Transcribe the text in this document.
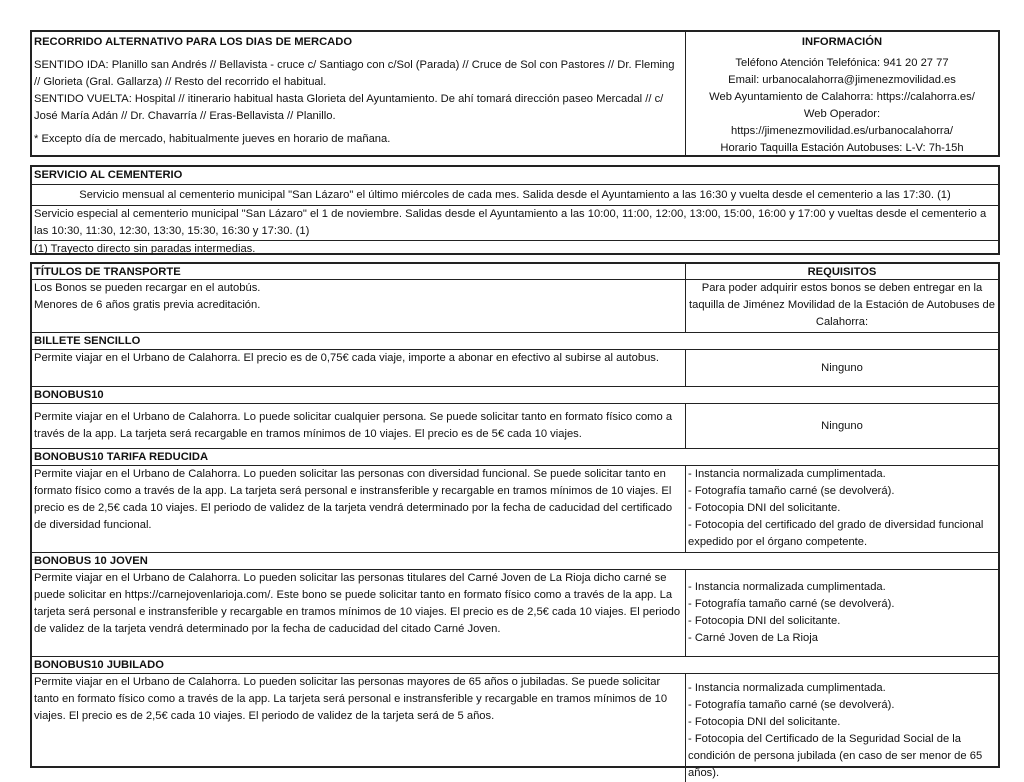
RECORRIDO ALTERNATIVO PARA LOS DIAS DE MERCADO

SENTIDO IDA: Planillo san Andrés // Bellavista - cruce c/ Santiago con c/Sol (Parada) // Cruce de Sol con Pastores // Dr. Fleming // Glorieta (Gral. Gallarza) // Resto del recorrido el habitual.

SENTIDO VUELTA: Hospital // itinerario habitual hasta Glorieta del Ayuntamiento. De ahí tomará dirección paseo Mercadal // c/ José María Adán // Dr. Chavarría // Eras-Bellavista // Planillo.

* Excepto día de mercado, habitualmente jueves en horario de mañana.

INFORMACIÓN

Teléfono Atención Telefónica: 941 20 27 77

Email: urbanocalahorra@jimenezmovilidad.es

Web Ayuntamiento de Calahorra: https://calahorra.es/

Web Operador:

https://jimenezmovilidad.es/urbanocalahorra/

Horario Taquilla Estación Autobuses: L-V: 7h-15h

SERVICIO AL CEMENTERIO
Servicio mensual al cementerio municipal "San Lázaro" el último miércoles de cada mes. Salida desde el Ayuntamiento a las 16:30 y vuelta desde el cementerio a las 17:30. (1)
Servicio especial al cementerio municipal "San Lázaro" el 1 de noviembre. Salidas desde el Ayuntamiento a las 10:00, 11:00, 12:00, 13:00, 15:00, 16:00 y 17:00 y vueltas desde el cementerio a las 10:30, 11:30, 12:30, 13:30, 15:30, 16:30 y 17:30. (1)
(1) Trayecto directo sin paradas intermedias.
TÍTULOS DE TRANSPORTE	REQUISITOS

Los Bonos se pueden recargar en el autobús.

Menores de 6 años gratis previa acreditación.

Para poder adquirir estos bonos se deben entregar en la taquilla de Jiménez Movilidad de la Estación de Autobuses de Calahorra:
BILLETE SENCILLO
Permite viajar en el Urbano de Calahorra. El precio es de 0,75€ cada viaje, importe a abonar en efectivo al subirse al autobus.
Ninguno
BONOBUS10
Permite viajar en el Urbano de Calahorra. Lo puede solicitar cualquier persona. Se puede solicitar tanto en formato físico como a través de la app. La tarjeta será recargable en tramos mínimos de 10 viajes. El precio es de 5€ cada 10 viajes.
Ninguno
BONOBUS10 TARIFA REDUCIDA
Permite viajar en el Urbano de Calahorra. Lo pueden solicitar las personas con diversidad funcional. Se puede solicitar tanto en formato físico como a través de la app. La tarjeta será personal e instransferible y recargable en tramos mínimos de 10 viajes. El precio es de 2,5€ cada 10 viajes. El periodo de validez de la tarjeta vendrá determinado por la fecha de caducidad del certificado de diversidad funcional.

- Instancia normalizada cumplimentada.

- Fotografía tamaño carné (se devolverá).

- Fotocopia DNI del solicitante.

- Fotocopia del certificado del grado de diversidad funcional expedido por el órgano competente.

BONOBUS 10 JOVEN
Permite viajar en el Urbano de Calahorra. Lo pueden solicitar las personas titulares del Carné Joven de La Rioja dicho carné se puede solicitar en https://carnejovenlarioja.com/. Este bono se puede solicitar tanto en formato físico como a través de la app. La tarjeta será personal e instransferible y recargable en tramos mínimos de 10 viajes. El precio es de 2,5€ cada 10 viajes. El periodo de validez de la tarjeta vendrá determinado por la fecha de caducidad del citado Carné Joven.

- Instancia normalizada cumplimentada.

- Fotografía tamaño carné (se devolverá).

- Fotocopia DNI del solicitante.

- Carné Joven de La Rioja

BONOBUS10 JUBILADO
Permite viajar en el Urbano de Calahorra. Lo pueden solicitar las personas mayores de 65 años o jubiladas. Se puede solicitar tanto en formato físico como a través de la app. La tarjeta será personal e instransferible y recargable en tramos mínimos de 10 viajes. El precio es de 2,5€ cada 10 viajes. El periodo de validez de la tarjeta será de 5 años.

- Instancia normalizada cumplimentada.

- Fotografía tamaño carné (se devolverá).

- Fotocopia DNI del solicitante.

- Fotocopia del Certificado de la Seguridad Social de la condición de persona jubilada (en caso de ser menor de 65 años).
